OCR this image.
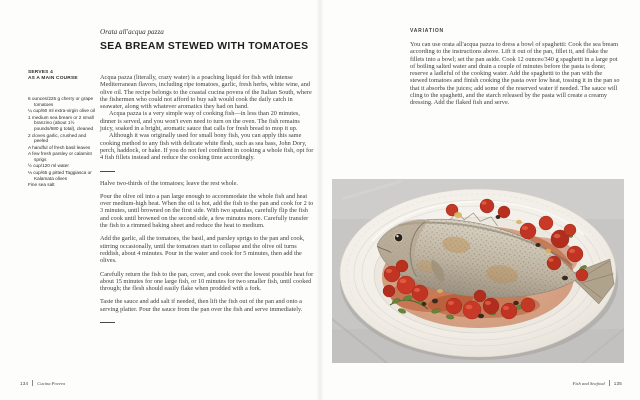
SERVES 4
AS A MAIN COURSE
6 ounces/225 g cherry or grape tomatoes
¼ cup/60 ml extra-virgin olive oil
1 medium sea bream or 2 small branzino (about 1½ pounds/680 g total), cleaned
2 cloves garlic, crushed and peeled
A handful of fresh basil leaves
A few fresh parsley or calamint sprigs
½ cup/120 ml water
⅓ cup/65 g pitted Taggiasca or Kalamata olives
Fine sea salt
Orata all'acqua pazza
SEA BREAM STEWED WITH TOMATOES

Acqua pazza (literally, crazy water) is a poaching liquid for fish with intense Mediterranean flavors, including ripe tomatoes, garlic, fresh herbs, white wine, and olive oil. The recipe belongs to the coastal cucina povera of the Italian South, where the fishermen who could not afford to buy salt would cook the daily catch in seawater, along with whatever aromatics they had on hand.

Acqua pazza is a very simple way of cooking fish—in less than 20 minutes, dinner is served, and you won't even need to turn on the oven. The fish remains juicy, soaked in a bright, aromatic sauce that calls for fresh bread to mop it up.

Although it was originally used for small bony fish, you can apply this same cooking method to any fish with delicate white flesh, such as sea bass, John Dory, perch, haddock, or hake. If you do not feel confident in cooking a whole fish, opt for 4 fish fillets instead and reduce the cooking time accordingly.

Halve two-thirds of the tomatoes; leave the rest whole.

Pour the olive oil into a pan large enough to accommodate the whole fish and heat over medium-high heat. When the oil is hot, add the fish to the pan and cook for 2 to 3 minutes, until browned on the first side. With two spatulas, carefully flip the fish and cook until browned on the second side, a few minutes more. Carefully transfer the fish to a rimmed baking sheet and reduce the heat to medium.

Add the garlic, all the tomatoes, the basil, and parsley sprigs to the pan and cook, stirring occasionally, until the tomatoes start to collapse and the olive oil turns reddish, about 4 minutes. Pour in the water and cook for 5 minutes, then add the olives.

Carefully return the fish to the pan, cover, and cook over the lowest possible heat for about 15 minutes for one large fish, or 10 minutes for two smaller fish, until cooked through; the flesh should easily flake when prodded with a fork.

Taste the sauce and add salt if needed, then lift the fish out of the pan and onto a serving platter. Pour the sauce from the pan over the fish and serve immediately.

134 Cucina Povera
VARIATION

You can use orata all'acqua pazza to dress a bowl of spaghetti: Cook the sea bream according to the instructions above. Lift it out of the pan, fillet it, and flake the fillets into a bowl; set the pan aside. Cook 12 ounces/340 g spaghetti in a large pot of boiling salted water and drain a couple of minutes before the pasta is done; reserve a ladleful of the cooking water. Add the spaghetti to the pan with the stewed tomatoes and finish cooking the pasta over low heat, tossing it in the pan so that it absorbs the juices; add some of the reserved water if needed. The sauce will cling to the spaghetti, and the starch released by the pasta will create a creamy dressing. Add the flaked fish and serve.

Fish and Seafood 135
